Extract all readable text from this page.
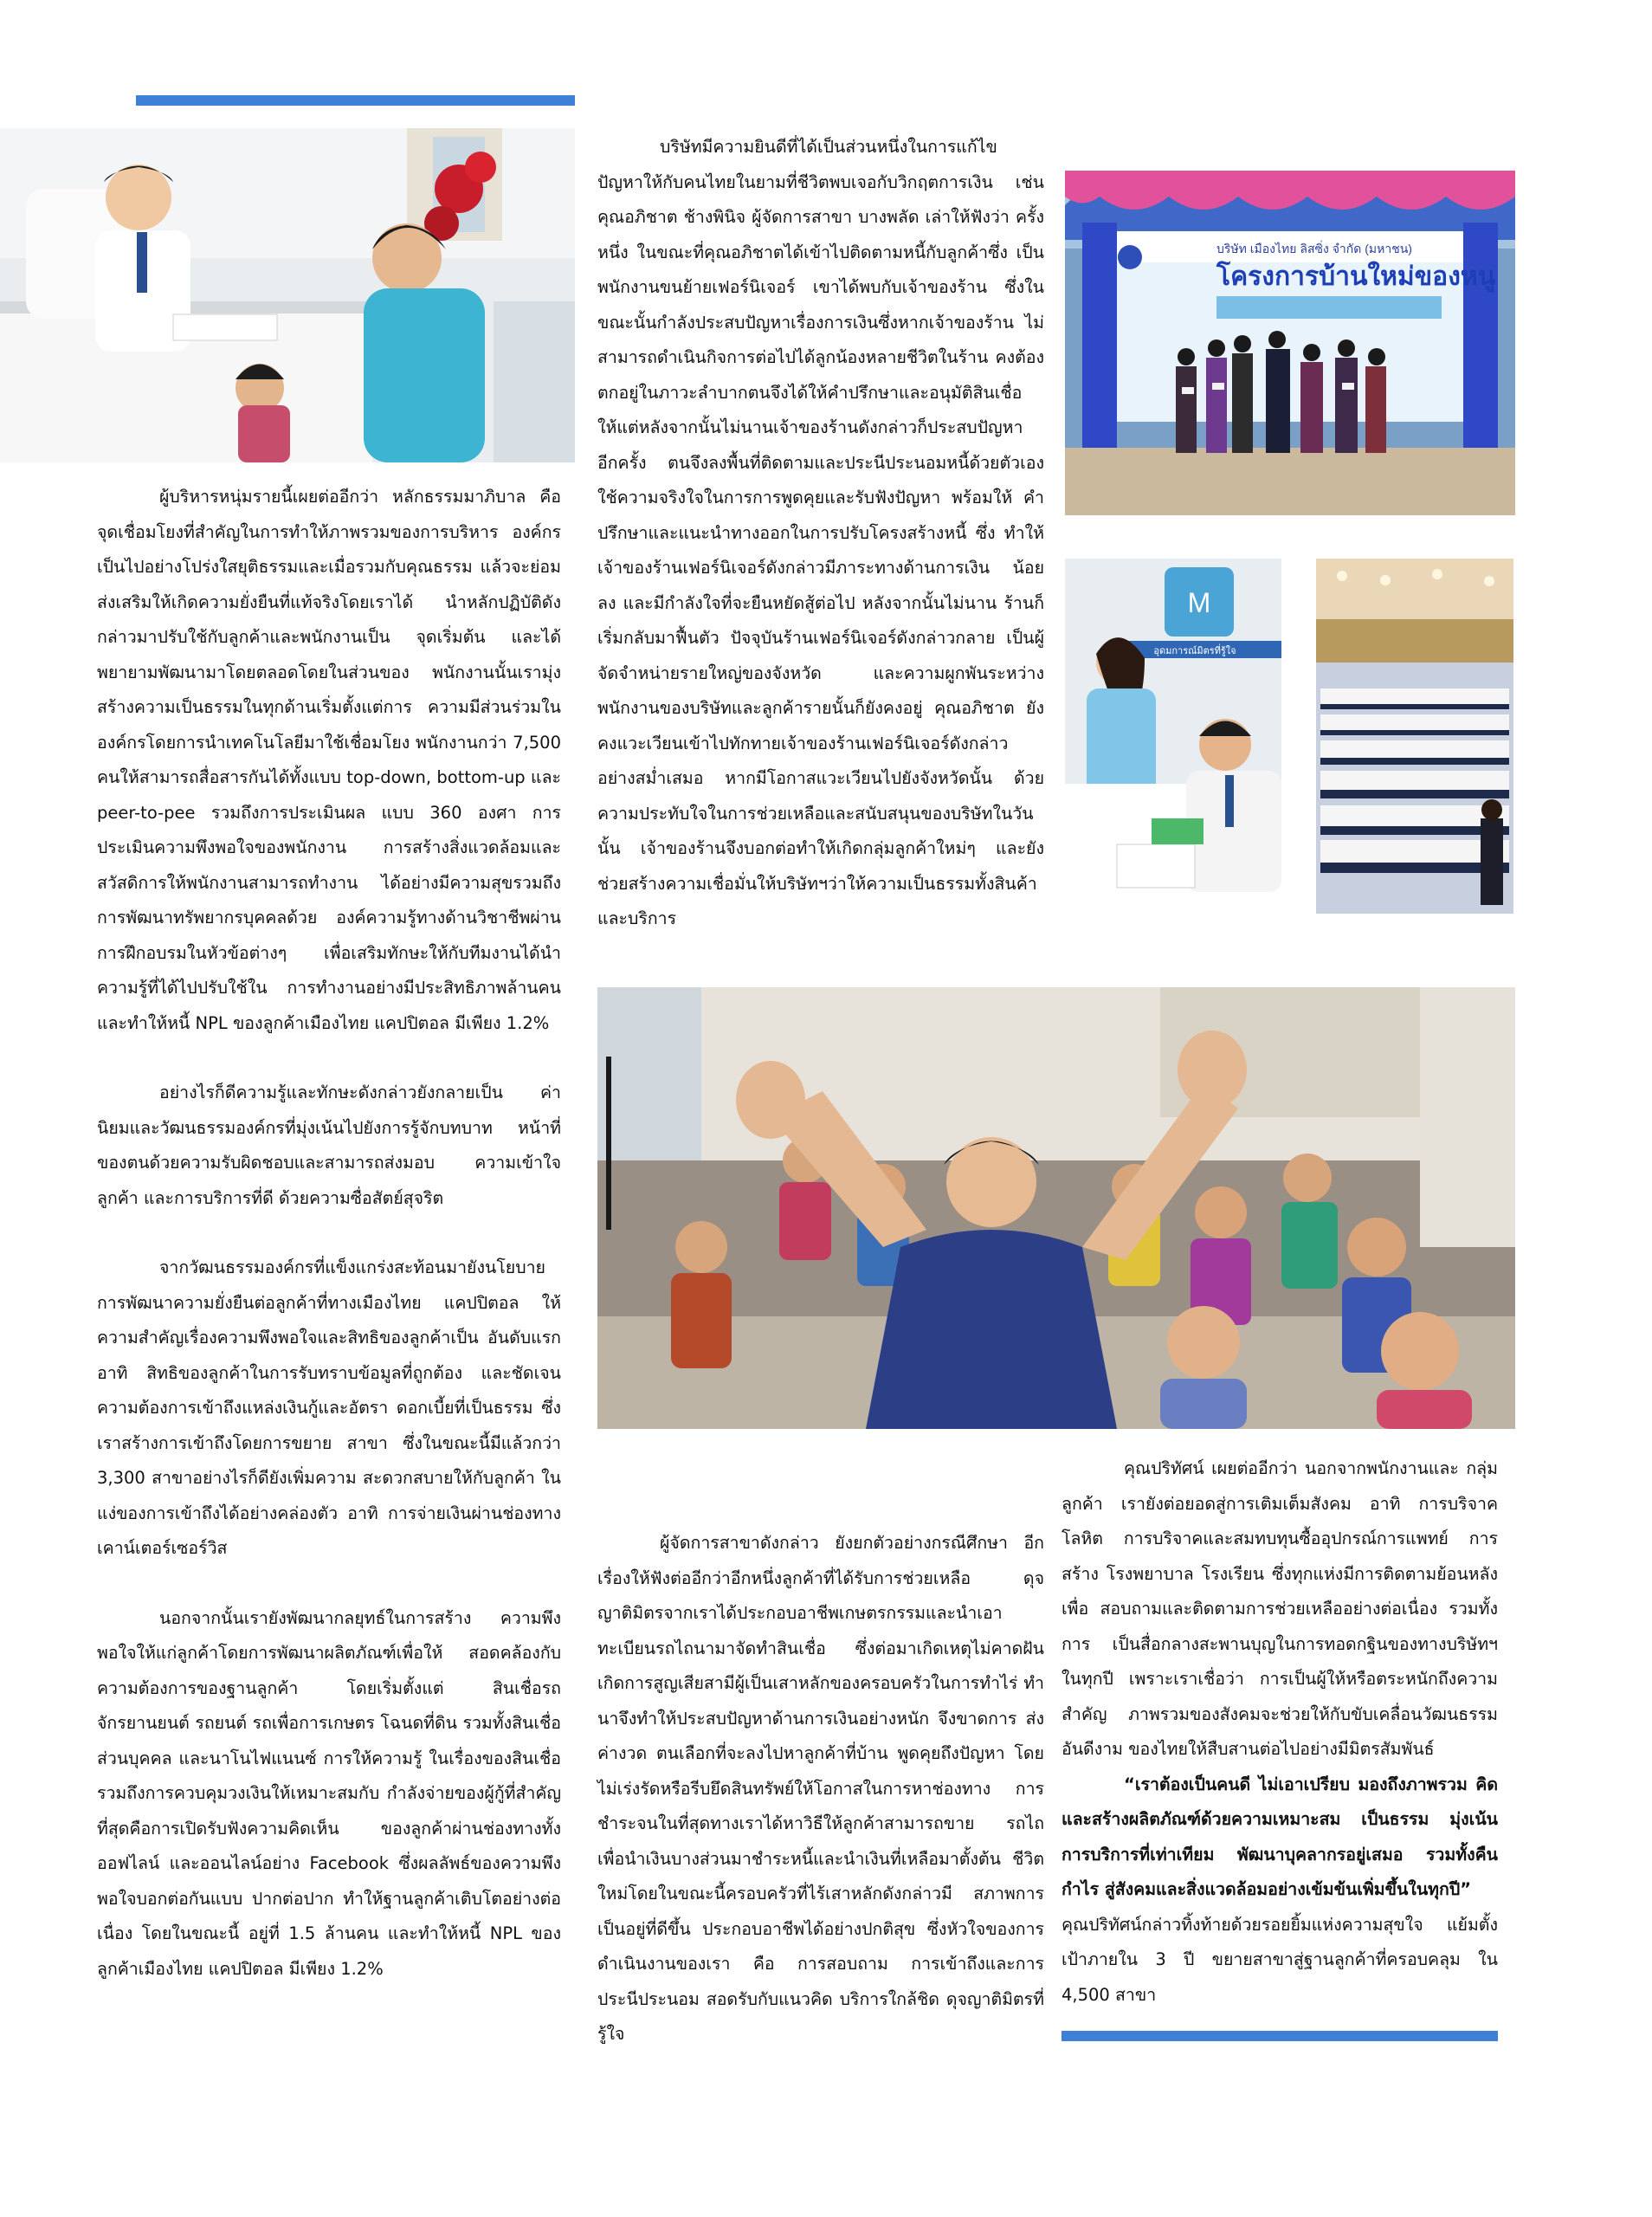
บริษัท เมืองไทย ลิสซิ่ง จำกัด (มหาชน)
โครงการบ้านใหม่ของหนู
M
อุดมการณ์มิตรที่รู้ใจ

ผู้บริหารหนุ่มรายนี้เผยต่ออีกว่า หลักธรรมมาภิบาล คือ จุดเชื่อมโยงที่สำคัญในการทำให้ภาพรวมของการบริหาร องค์กรเป็นไปอย่างโปร่งใสยุติธรรมและเมื่อรวมกับคุณธรรม แล้วจะย่อมส่งเสริมให้เกิดความยั่งยืนที่แท้จริงโดยเราได้ นำหลักปฏิบัติดังกล่าวมาปรับใช้กับลูกค้าและพนักงานเป็น จุดเริ่มต้น และได้พยายามพัฒนามาโดยตลอดโดยในส่วนของ พนักงานนั้นเรามุ่งสร้างความเป็นธรรมในทุกด้านเริ่มตั้งแต่การ ความมีส่วนร่วมในองค์กรโดยการนำเทคโนโลยีมาใช้เชื่อมโยง พนักงานกว่า 7,500 คนให้สามารถสื่อสารกันได้ทั้งแบบ top-down, bottom-up และ peer-to-pee รวมถึงการประเมินผล แบบ 360 องศา การประเมินความพึงพอใจของพนักงาน การสร้างสิ่งแวดล้อมและสวัสดิการให้พนักงานสามารถทำงาน ได้อย่างมีความสุขรวมถึงการพัฒนาทรัพยากรบุคคลด้วย องค์ความรู้ทางด้านวิชาชีพผ่านการฝึกอบรมในหัวข้อต่างๆ เพื่อเสริมทักษะให้กับทีมงานได้นำความรู้ที่ได้ไปปรับใช้ใน การทำงานอย่างมีประสิทธิภาพล้านคน และทำให้หนี้ NPL ของลูกค้าเมืองไทย แคปปิตอล มีเพียง 1.2%

อย่างไรก็ดีความรู้และทักษะดังกล่าวยังกลายเป็น ค่านิยมและวัฒนธรรมองค์กรที่มุ่งเน้นไปยังการรู้จักบทบาท หน้าที่ของตนด้วยความรับผิดชอบและสามารถส่งมอบ ความเข้าใจลูกค้า และการบริการที่ดี ด้วยความซื่อสัตย์สุจริต

จากวัฒนธรรมองค์กรที่แข็งแกร่งสะท้อนมายังนโยบาย การพัฒนาความยั่งยืนต่อลูกค้าที่ทางเมืองไทย แคปปิตอล ให้ความสำคัญเรื่องความพึงพอใจและสิทธิของลูกค้าเป็น อันดับแรก อาทิ สิทธิของลูกค้าในการรับทราบข้อมูลที่ถูกต้อง และชัดเจน ความต้องการเข้าถึงแหล่งเงินกู้และอัตรา ดอกเบี้ยที่เป็นธรรม ซึ่งเราสร้างการเข้าถึงโดยการขยาย สาขา ซึ่งในขณะนี้มีแล้วกว่า 3,300 สาขาอย่างไรก็ดียังเพิ่มความ สะดวกสบายให้กับลูกค้า ในแง่ของการเข้าถึงได้อย่างคล่องตัว อาทิ การจ่ายเงินผ่านช่องทางเคาน์เตอร์เซอร์วิส

นอกจากนั้นเรายังพัฒนากลยุทธ์ในการสร้าง ความพึงพอใจให้แก่ลูกค้าโดยการพัฒนาผลิตภัณฑ์เพื่อให้ สอดคล้องกับความต้องการของฐานลูกค้า โดยเริ่มตั้งแต่ สินเชื่อรถจักรยานยนต์ รถยนต์ รถเพื่อการเกษตร โฉนดที่ดิน รวมทั้งสินเชื่อส่วนบุคคล และนาโนไฟแนนซ์ การให้ความรู้ ในเรื่องของสินเชื่อรวมถึงการควบคุมวงเงินให้เหมาะสมกับ กำลังจ่ายของผู้กู้ที่สำคัญที่สุดคือการเปิดรับฟังความคิดเห็น ของลูกค้าผ่านช่องทางทั้ง ออฟไลน์ และออนไลน์อย่าง Facebook ซึ่งผลลัพธ์ของความพึงพอใจบอกต่อกันแบบ ปากต่อปาก ทำให้ฐานลูกค้าเติบโตอย่างต่อเนื่อง โดยในขณะนี้ อยู่ที่ 1.5 ล้านคน และทำให้หนี้ NPL ของลูกค้าเมืองไทย แคปปิตอล มีเพียง 1.2%

บริษัทมีความยินดีที่ได้เป็นส่วนหนึ่งในการแก้ไข ปัญหาให้กับคนไทยในยามที่ชีวิตพบเจอกับวิกฤตการเงิน เช่น คุณอภิชาต ช้างพินิจ ผู้จัดการสาขา บางพลัด เล่าให้ฟังว่า ครั้งหนึ่ง ในขณะที่คุณอภิชาตได้เข้าไปติดตามหนี้กับลูกค้าซึ่ง เป็นพนักงานขนย้ายเฟอร์นิเจอร์ เขาได้พบกับเจ้าของร้าน ซึ่งในขณะนั้นกำลังประสบปัญหาเรื่องการเงินซึ่งหากเจ้าของร้าน ไม่สามารถดำเนินกิจการต่อไปได้ลูกน้องหลายชีวิตในร้าน คงต้องตกอยู่ในภาวะลำบากตนจึงได้ให้คำปรึกษาและอนุมัติสินเชื่อ ให้แต่หลังจากนั้นไม่นานเจ้าของร้านดังกล่าวก็ประสบปัญหา อีกครั้ง ตนจึงลงพื้นที่ติดตามและประนีประนอมหนี้ด้วยตัวเอง ใช้ความจริงใจในการการพูดคุยและรับฟังปัญหา พร้อมให้ คำปรึกษาและแนะนำทางออกในการปรับโครงสร้างหนี้ ซึ่ง ทำให้เจ้าของร้านเฟอร์นิเจอร์ดังกล่าวมีภาระทางด้านการเงิน น้อยลง และมีกำลังใจที่จะยืนหยัดสู้ต่อไป หลังจากนั้นไม่นาน ร้านก็เริ่มกลับมาฟื้นตัว ปัจจุบันร้านเฟอร์นิเจอร์ดังกล่าวกลาย เป็นผู้จัดจำหน่ายรายใหญ่ของจังหวัด และความผูกพันระหว่าง พนักงานของบริษัทและลูกค้ารายนั้นก็ยังคงอยู่ คุณอภิชาต ยังคงแวะเวียนเข้าไปทักทายเจ้าของร้านเฟอร์นิเจอร์ดังกล่าว อย่างสม่ำเสมอ หากมีโอกาสแวะเวียนไปยังจังหวัดนั้น ด้วย ความประทับใจในการช่วยเหลือและสนับสนุนของบริษัทในวัน นั้น เจ้าของร้านจึงบอกต่อทำให้เกิดกลุ่มลูกค้าใหม่ๆ และยัง ช่วยสร้างความเชื่อมั่นให้บริษัทฯว่าให้ความเป็นธรรมทั้งสินค้า และบริการ

ผู้จัดการสาขาดังกล่าว ยังยกตัวอย่างกรณีศึกษา อีกเรื่องให้ฟังต่ออีกว่าอีกหนึ่งลูกค้าที่ได้รับการช่วยเหลือ ดุจญาติมิตรจากเราได้ประกอบอาชีพเกษตรกรรมและนำเอา ทะเบียนรถไถนามาจัดทำสินเชื่อ ซึ่งต่อมาเกิดเหตุไม่คาดฝัน เกิดการสูญเสียสามีผู้เป็นเสาหลักของครอบครัวในการทำไร่ ทำนาจึงทำให้ประสบปัญหาด้านการเงินอย่างหนัก จึงขาดการ ส่งค่างวด ตนเลือกที่จะลงไปหาลูกค้าที่บ้าน พูดคุยถึงปัญหา โดยไม่เร่งรัดหรือรีบยึดสินทรัพย์ให้โอกาสในการหาช่องทาง การชำระจนในที่สุดทางเราได้หาวิธีให้ลูกค้าสามารถขาย รถไถเพื่อนำเงินบางส่วนมาชำระหนี้และนำเงินที่เหลือมาตั้งต้น ชีวิตใหม่โดยในขณะนี้ครอบครัวที่ไร้เสาหลักดังกล่าวมี สภาพการเป็นอยู่ที่ดีขึ้น ประกอบอาชีพได้อย่างปกติสุข ซึ่งหัวใจของการดำเนินงานของเรา คือ การสอบถาม การเข้าถึงและการประนีประนอม สอดรับกับแนวคิด บริการใกล้ชิด ดุจญาติมิตรที่รู้ใจ

คุณปริทัศน์ เผยต่ออีกว่า นอกจากพนักงานและ กลุ่มลูกค้า เรายังต่อยอดสู่การเติมเต็มสังคม อาทิ การบริจาคโลหิต การบริจาคและสมทบทุนซื้ออุปกรณ์การแพทย์ การสร้าง โรงพยาบาล โรงเรียน ซึ่งทุกแห่งมีการติดตามย้อนหลังเพื่อ สอบถามและติดตามการช่วยเหลืออย่างต่อเนื่อง รวมทั้งการ เป็นสื่อกลางสะพานบุญในการทอดกฐินของทางบริษัทฯ ในทุกปี เพราะเราเชื่อว่า การเป็นผู้ให้หรือตระหนักถึงความสำคัญ ภาพรวมของสังคมจะช่วยให้กับขับเคลื่อนวัฒนธรรมอันดีงาม ของไทยให้สืบสานต่อไปอย่างมีมิตรสัมพันธ์

“เราต้องเป็นคนดี ไม่เอาเปรียบ มองถึงภาพรวม คิดและสร้างผลิตภัณฑ์ด้วยความเหมาะสม เป็นธรรม มุ่งเน้น การบริการที่เท่าเทียม พัฒนาบุคลากรอยู่เสมอ รวมทั้งคืนกำไร สู่สังคมและสิ่งแวดล้อมอย่างเข้มข้นเพิ่มขึ้นในทุกปี”

คุณปริทัศน์กล่าวทิ้งท้ายด้วยรอยยิ้มแห่งความสุขใจ แย้มตั้งเป้าภายใน 3 ปี ขยายสาขาสู่ฐานลูกค้าที่ครอบคลุม ใน 4,500 สาขา
